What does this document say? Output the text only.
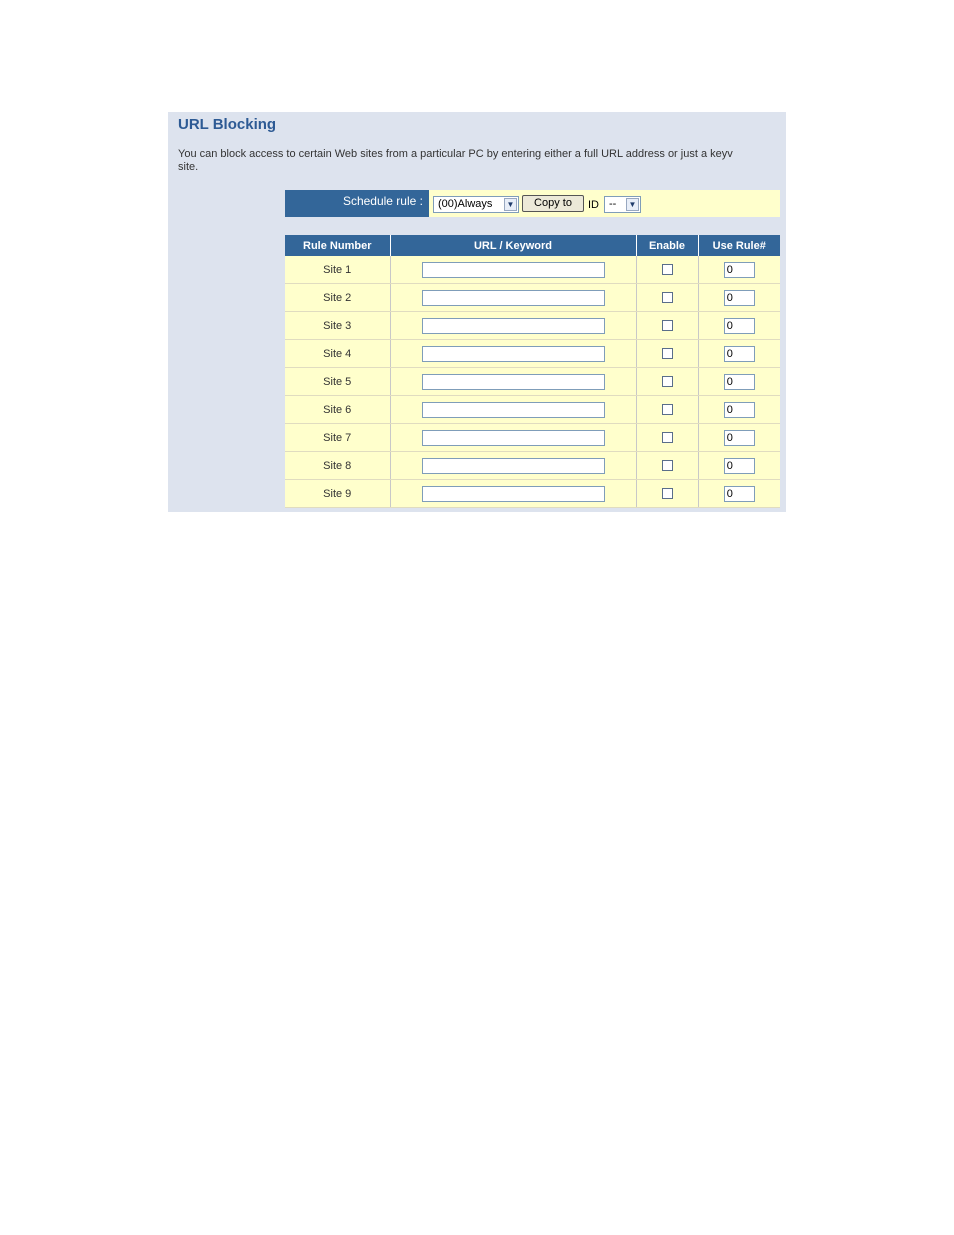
URL Blocking
You can block access to certain Web sites from a particular PC by entering either a full URL address or just a keyv
site.
Schedule rule :	(00)Always	▼	Copy to	ID --	▼
Rule Number	URL / Keyword	Enable	Use Rule#
Site 1			0
Site 2			0
Site 3			0
Site 4			0
Site 5			0
Site 6			0
Site 7			0
Site 8			0
Site 9			0
